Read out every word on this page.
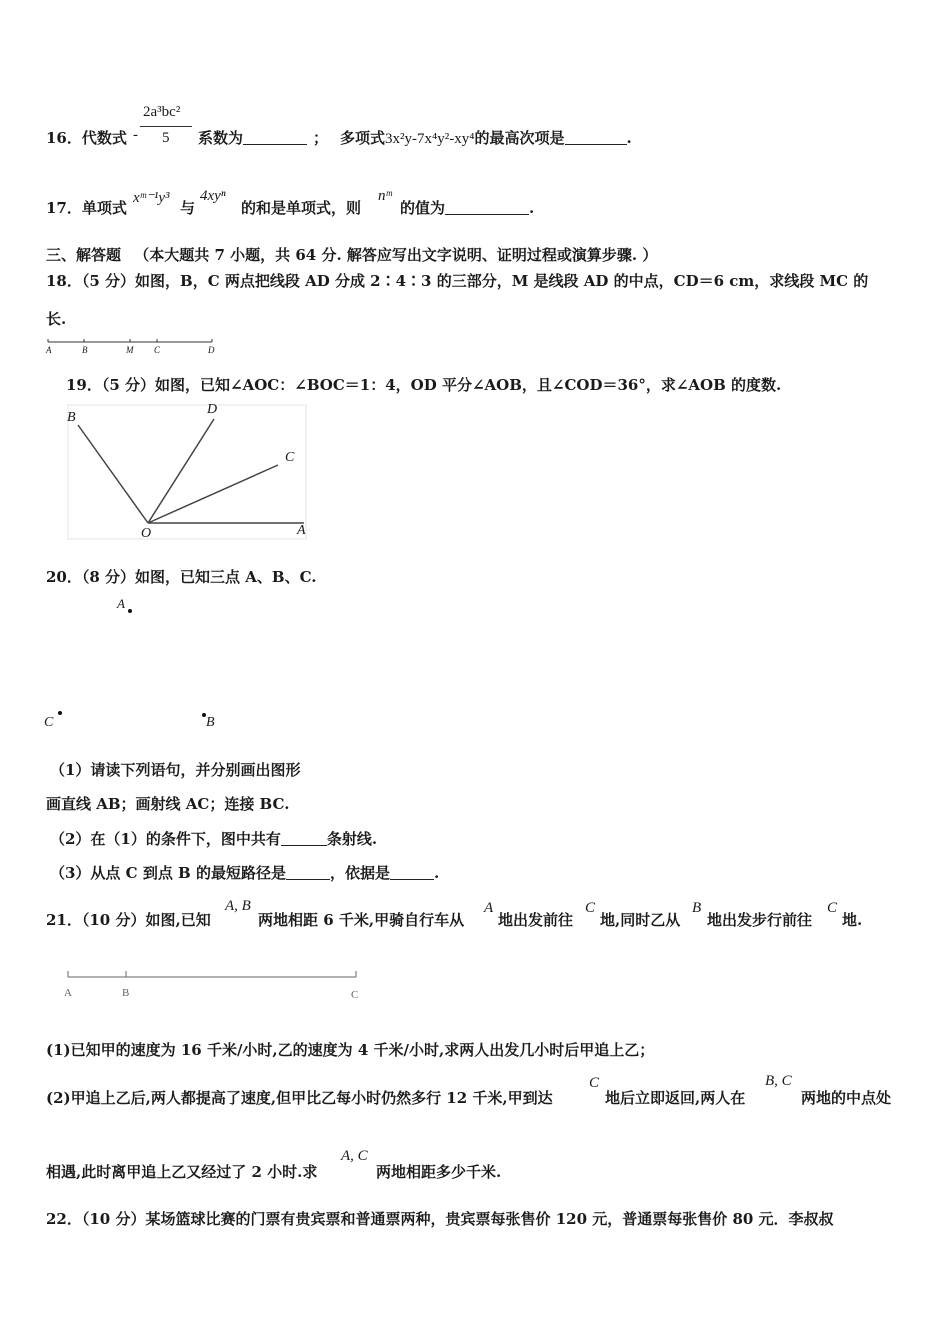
16．代数式 -
2a³bc²
5 系数为	； 多项式3x²y-7x⁴y²-xy⁴的最高次项是	.
17．单项式
xᵐ⁻¹y³
与
4xyⁿ
的和是单项式，则
nᵐ
的值为	.
三、解答题 （本大题共 7 小题，共 64 分. 解答应写出文字说明、证明过程或演算步骤. ）
18．（5 分）如图，B，C 两点把线段 AD 分成 2∶4∶3 的三部分，M 是线段 AD 的中点，CD＝6 cm，求线段 MC 的
长.
A	B	M C	D
19．（5 分）如图，已知∠AOC：∠BOC＝1：4，OD 平分∠AOB，且∠COD＝36°，求∠AOB 的度数.
B
D
C
O	A
20．（8 分）如图，已知三点 A、B、C.
A
C	B
（1）请读下列语句，并分别画出图形
画直线 AB；画射线 AC；连接 BC.
（2）在（1）的条件下，图中共有	条射线.
（3）从点 C 到点 B 的最短路径是	，依据是	.
21．（10 分）如图,已知
A, B
两地相距 6 千米,甲骑自行车从
A
地出发前往
C
地,同时乙从
B
地出发步行前往
C
地.
A	B	C
(1)已知甲的速度为 16 千米/小时,乙的速度为 4 千米/小时,求两人出发几小时后甲追上乙；
(2)甲追上乙后,两人都提高了速度,但甲比乙每小时仍然多行 12 千米,甲到达
C
地后立即返回,两人在
B, C
两地的中点处
相遇,此时离甲追上乙又经过了 2 小时.求
A, C
两地相距多少千米.
22．（10 分）某场篮球比赛的门票有贵宾票和普通票两种，贵宾票每张售价 120 元，普通票每张售价 80 元．李叔叔
